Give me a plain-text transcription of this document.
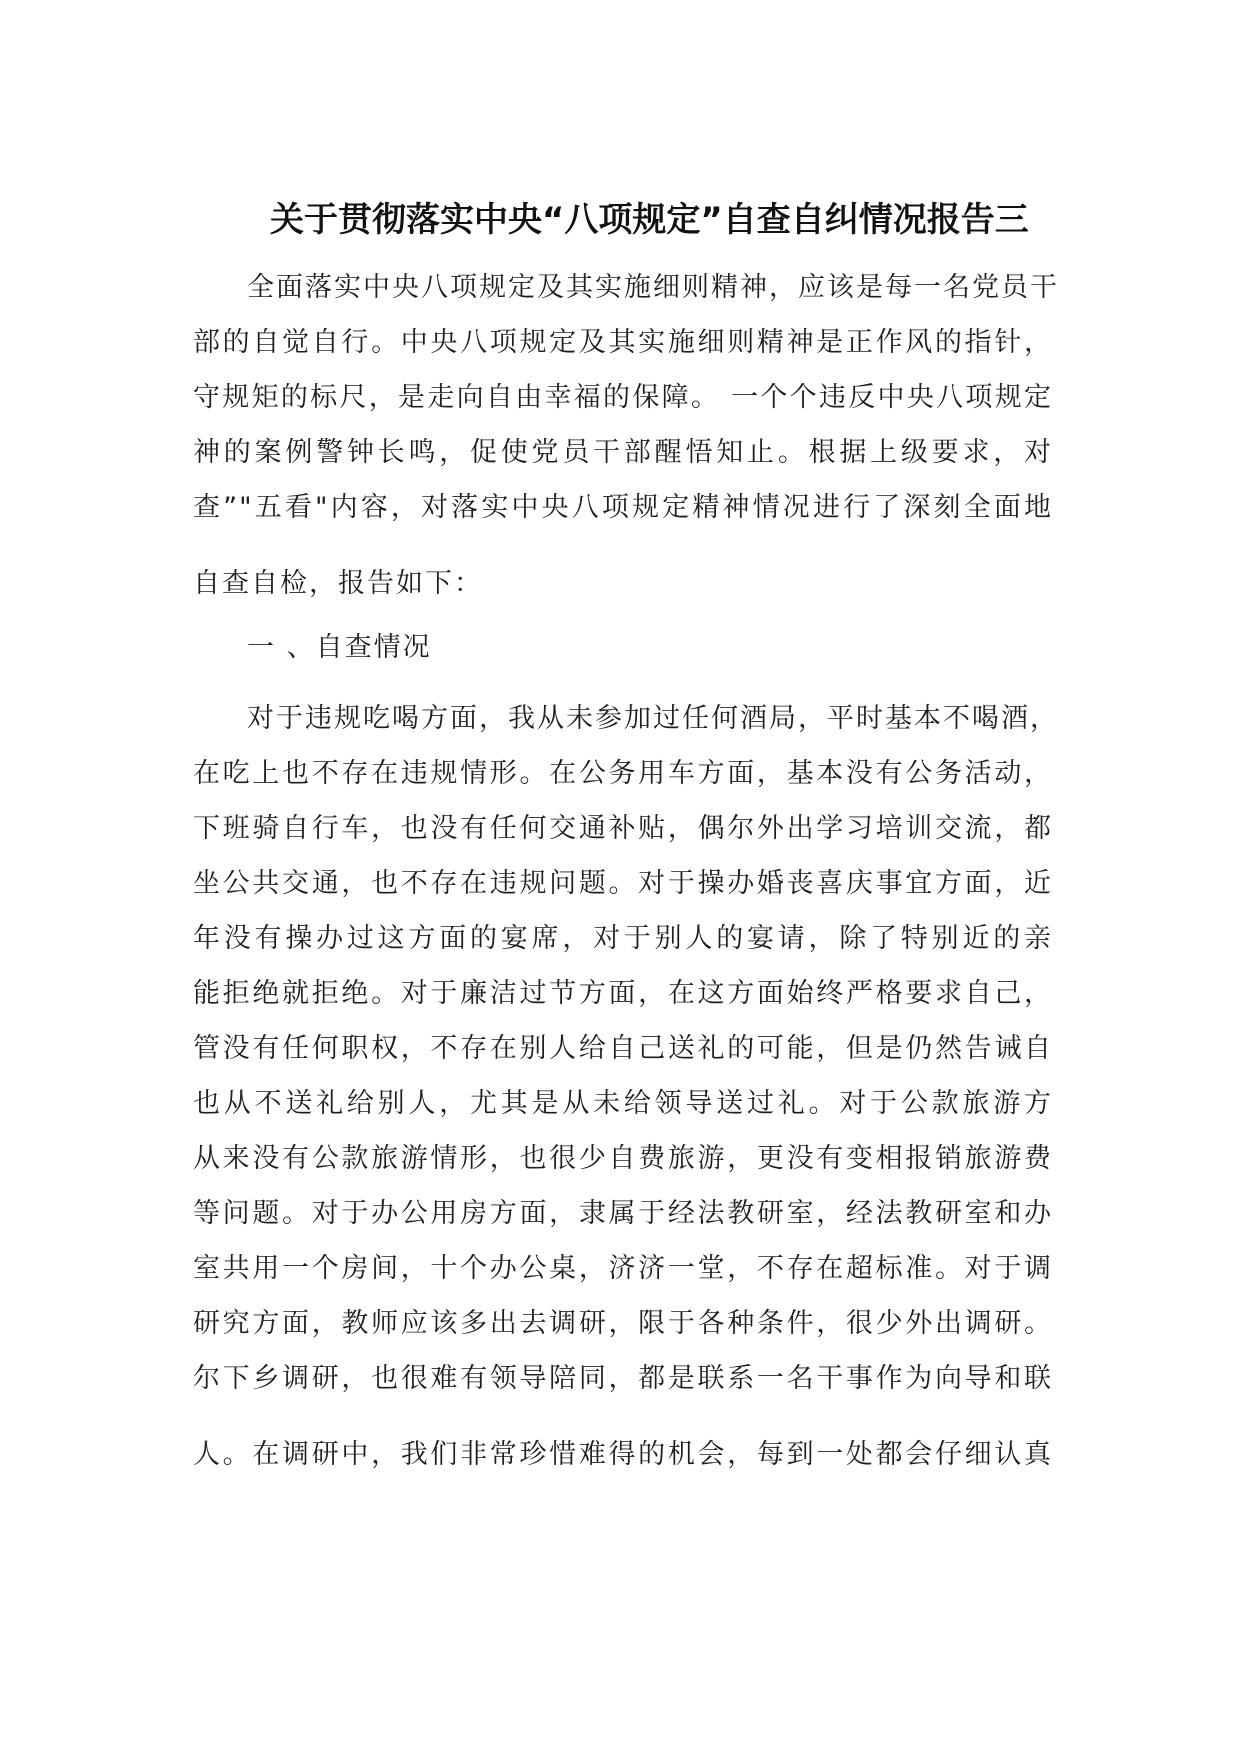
关于贯彻落实中央“八项规定”自查自纠情况报告三

全面落实中央八项规定及其实施细则精神，应该是每一名党员干

部的自觉自行。中央八项规定及其实施细则精神是正作风的指针，

守规矩的标尺，是走向自由幸福的保障。 一个个违反中央八项规定

神的案例警钟长鸣，促使党员干部醒悟知止。根据上级要求，对

查”"五看"内容，对落实中央八项规定精神情况进行了深刻全面地

自查自检，报告如下：

一 、自查情况

对于违规吃喝方面，我从未参加过任何酒局，平时基本不喝酒，

在吃上也不存在违规情形。在公务用车方面，基本没有公务活动，

下班骑自行车，也没有任何交通补贴，偶尔外出学习培训交流，都

坐公共交通，也不存在违规问题。对于操办婚丧喜庆事宜方面，近

年没有操办过这方面的宴席，对于别人的宴请，除了特别近的亲

能拒绝就拒绝。对于廉洁过节方面，在这方面始终严格要求自己，

管没有任何职权，不存在别人给自己送礼的可能，但是仍然告诫自

也从不送礼给别人，尤其是从未给领导送过礼。对于公款旅游方

从来没有公款旅游情形，也很少自费旅游，更没有变相报销旅游费

等问题。对于办公用房方面，隶属于经法教研室，经法教研室和办

室共用一个房间，十个办公桌，济济一堂，不存在超标准。对于调

研究方面，教师应该多出去调研，限于各种条件，很少外出调研。

尔下乡调研，也很难有领导陪同，都是联系一名干事作为向导和联

人。在调研中，我们非常珍惜难得的机会，每到一处都会仔细认真
